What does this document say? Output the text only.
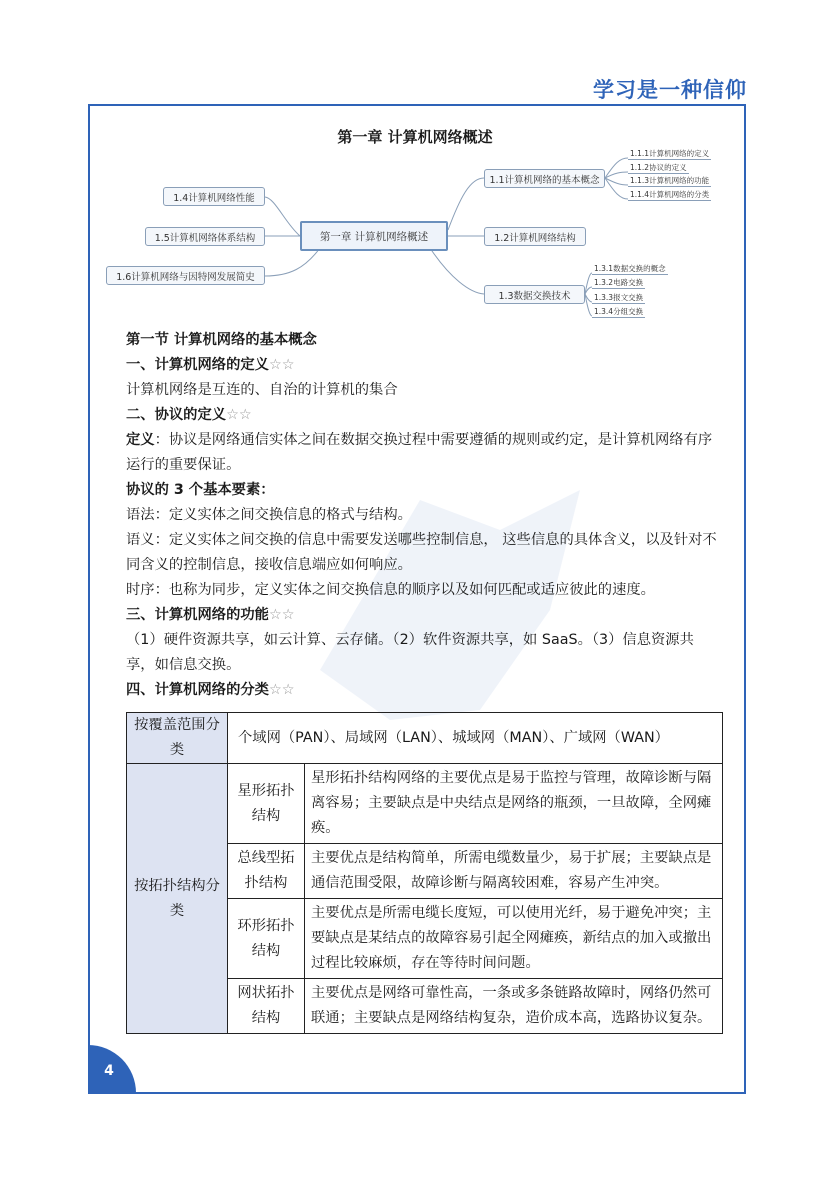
学习是一种信仰
第一章 计算机网络概述
第一章 计算机网络概述
1.4计算机网络性能
1.5计算机网络体系结构
1.6计算机网络与因特网发展简史
1.1计算机网络的基本概念
1.2计算机网络结构
1.3数据交换技术
1.1.1计算机网络的定义
1.1.2协议的定义
1.1.3计算机网络的功能
1.1.4计算机网络的分类
1.3.1数据交换的概念
1.3.2电路交换
1.3.3报文交换
1.3.4分组交换

第一节 计算机网络的基本概念

一、计算机网络的定义☆☆

计算机网络是互连的、自治的计算机的集合

二、协议的定义☆☆

定义：协议是网络通信实体之间在数据交换过程中需要遵循的规则或约定，是计算机网络有序运行的重要保证。

协议的 3 个基本要素：

语法：定义实体之间交换信息的格式与结构。

语义：定义实体之间交换的信息中需要发送哪些控制信息， 这些信息的具体含义，以及针对不同含义的控制信息，接收信息端应如何响应。

时序：也称为同步，定义实体之间交换信息的顺序以及如何匹配或适应彼此的速度。

三、计算机网络的功能☆☆

（1）硬件资源共享，如云计算、云存储。（2）软件资源共享，如 SaaS。（3）信息资源共享，如信息交换。

四、计算机网络的分类☆☆

按覆盖范围分类	个域网（PAN）、局域网（LAN）、城域网（MAN）、广域网（WAN）	
按拓扑结构分类	星形拓扑结构	星形拓扑结构网络的主要优点是易于监控与管理，故障诊断与隔离容易；主要缺点是中央结点是网络的瓶颈，一旦故障，全网瘫痪。
	总线型拓扑结构	主要优点是结构简单，所需电缆数量少，易于扩展；主要缺点是通信范围受限，故障诊断与隔离较困难，容易产生冲突。
	环形拓扑结构	主要优点是所需电缆长度短，可以使用光纤，易于避免冲突；主要缺点是某结点的故障容易引起全网瘫痪，新结点的加入或撤出过程比较麻烦，存在等待时间问题。
	网状拓扑结构	主要优点是网络可靠性高，一条或多条链路故障时，网络仍然可联通；主要缺点是网络结构复杂，造价成本高，选路协议复杂。
4
